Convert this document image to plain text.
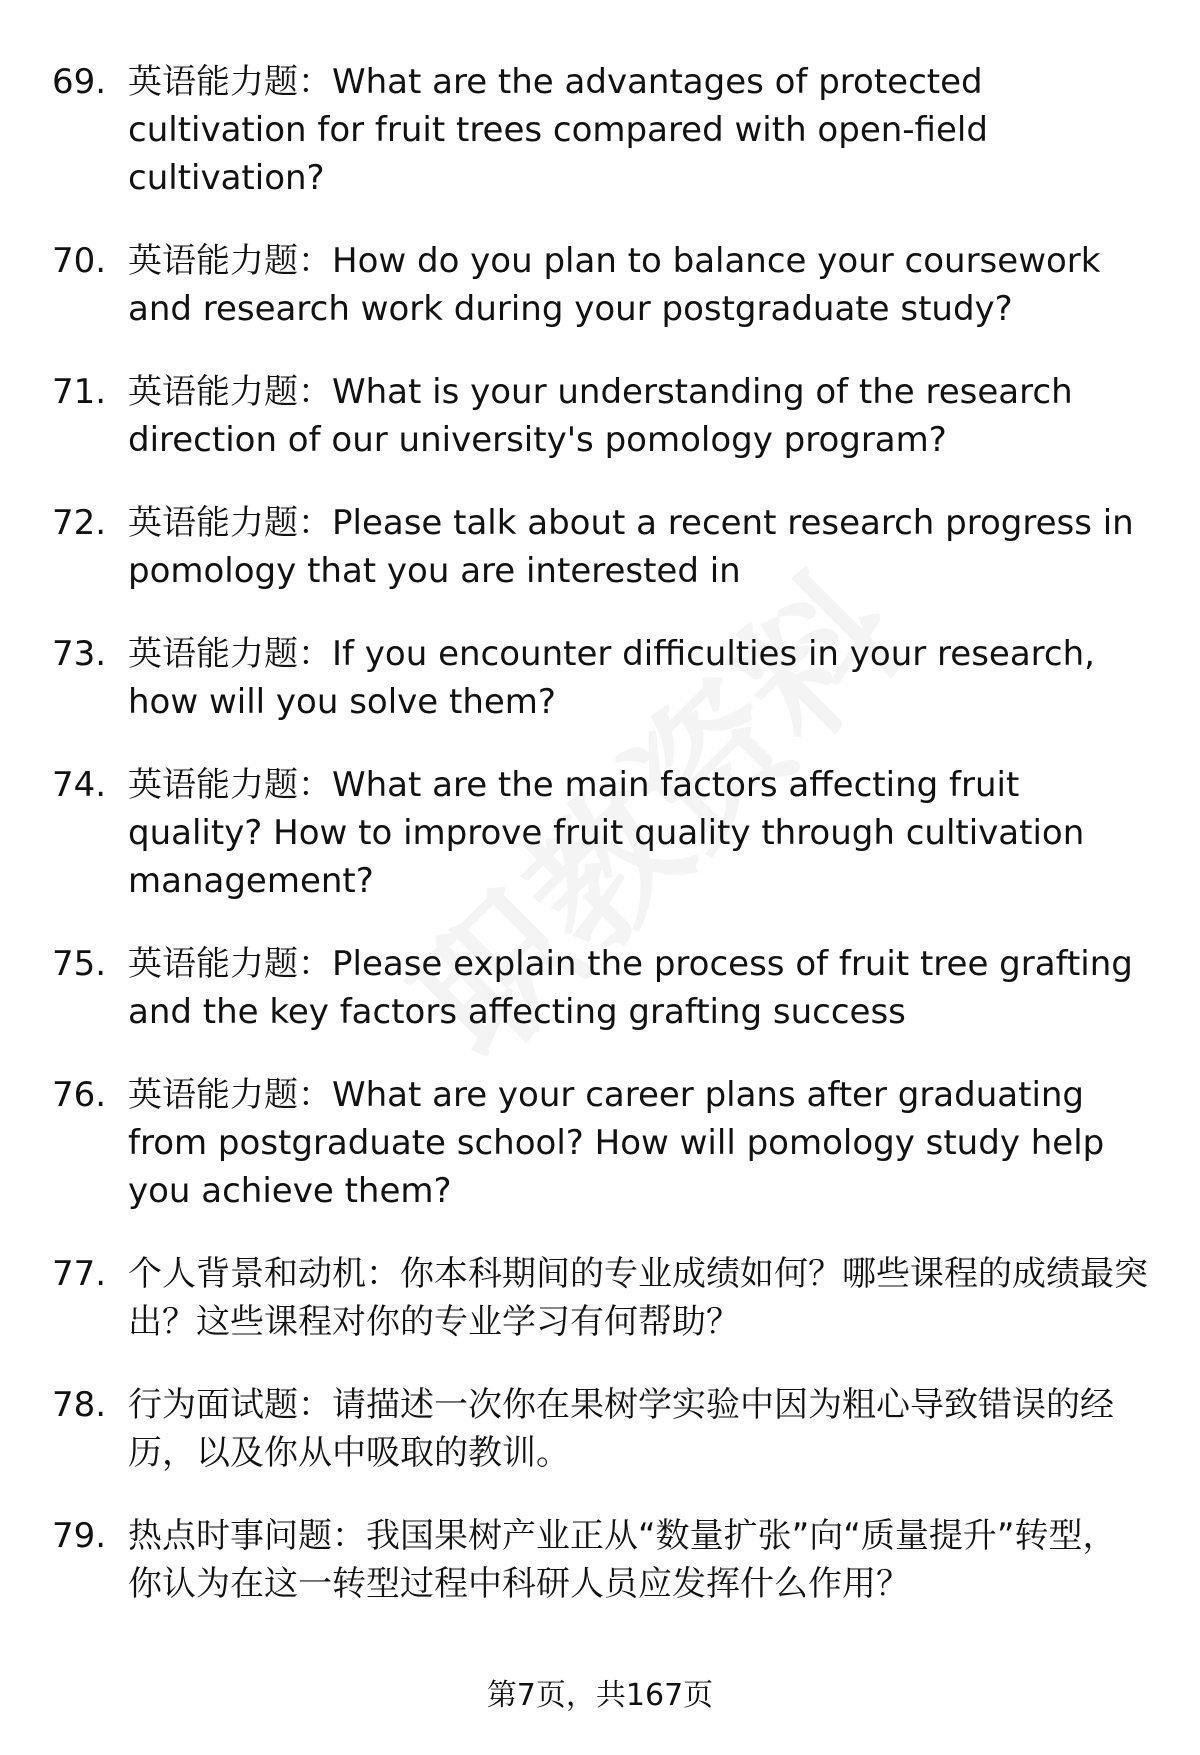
69. 英语能力题：What are the advantages of protected cultivation for fruit trees compared with open-field cultivation?
70. 英语能力题：How do you plan to balance your coursework and research work during your postgraduate study?
71. 英语能力题：What is your understanding of the research direction of our university's pomology program?
72. 英语能力题：Please talk about a recent research progress in pomology that you are interested in
73. 英语能力题：If you encounter difficulties in your research, how will you solve them?
74. 英语能力题：What are the main factors affecting fruit quality? How to improve fruit quality through cultivation management?
75. 英语能力题：Please explain the process of fruit tree grafting and the key factors affecting grafting success
76. 英语能力题：What are your career plans after graduating from postgraduate school? How will pomology study help you achieve them?
77. 个人背景和动机：你本科期间的专业成绩如何？哪些课程的成绩最突出？这些课程对你的专业学习有何帮助？
78. 行为面试题：请描述一次你在果树学实验中因为粗心导致错误的经历，以及你从中吸取的教训。
79. 热点时事问题：我国果树产业正从“数量扩张”向“质量提升”转型，你认为在这一转型过程中科研人员应发挥什么作用？
第7页，共167页
